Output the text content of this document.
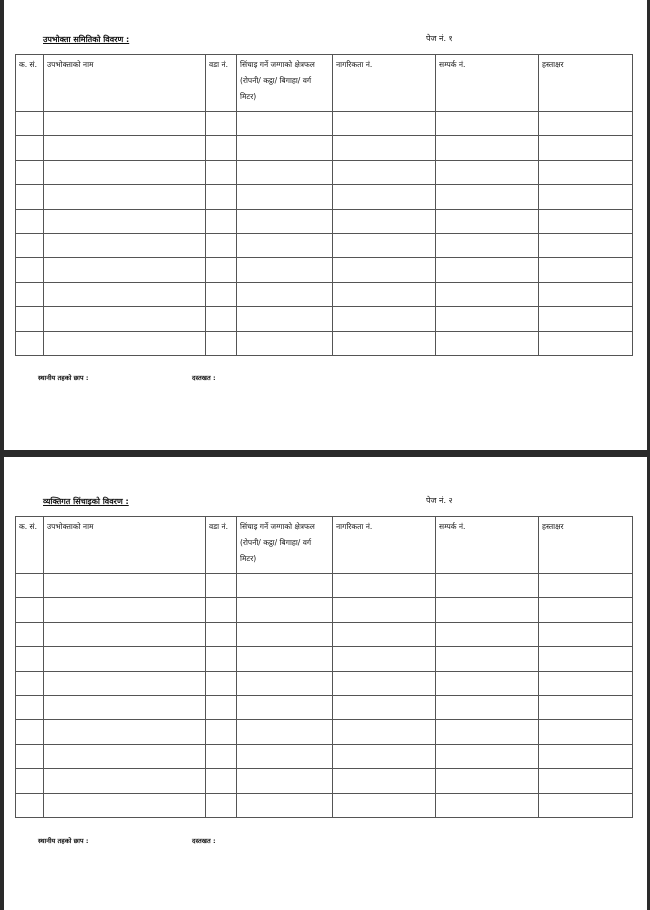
उपभोक्ता समितिको विवरण :	पेज नं. १
क. सं.	उपभोक्ताको नाम	वडा नं.	सिंचाइ गर्ने जग्गाको क्षेत्रफल (रोपनी/ कट्ठा/ बिगाहा/ वर्ग मिटर)	नागरिकता नं.	सम्पर्क नं.	हस्ताक्षर

स्थानीय तहको छाप :	दस्तखत :
व्यक्तिगत सिंचाइको विवरण :	पेज नं. २
क. सं.	उपभोक्ताको नाम	वडा नं.	सिंचाइ गर्ने जग्गाको क्षेत्रफल (रोपनी/ कट्ठा/ बिगाहा/ वर्ग मिटर)	नागरिकता नं.	सम्पर्क नं.	हस्ताक्षर

स्थानीय तहको छाप :	दस्तखत :
